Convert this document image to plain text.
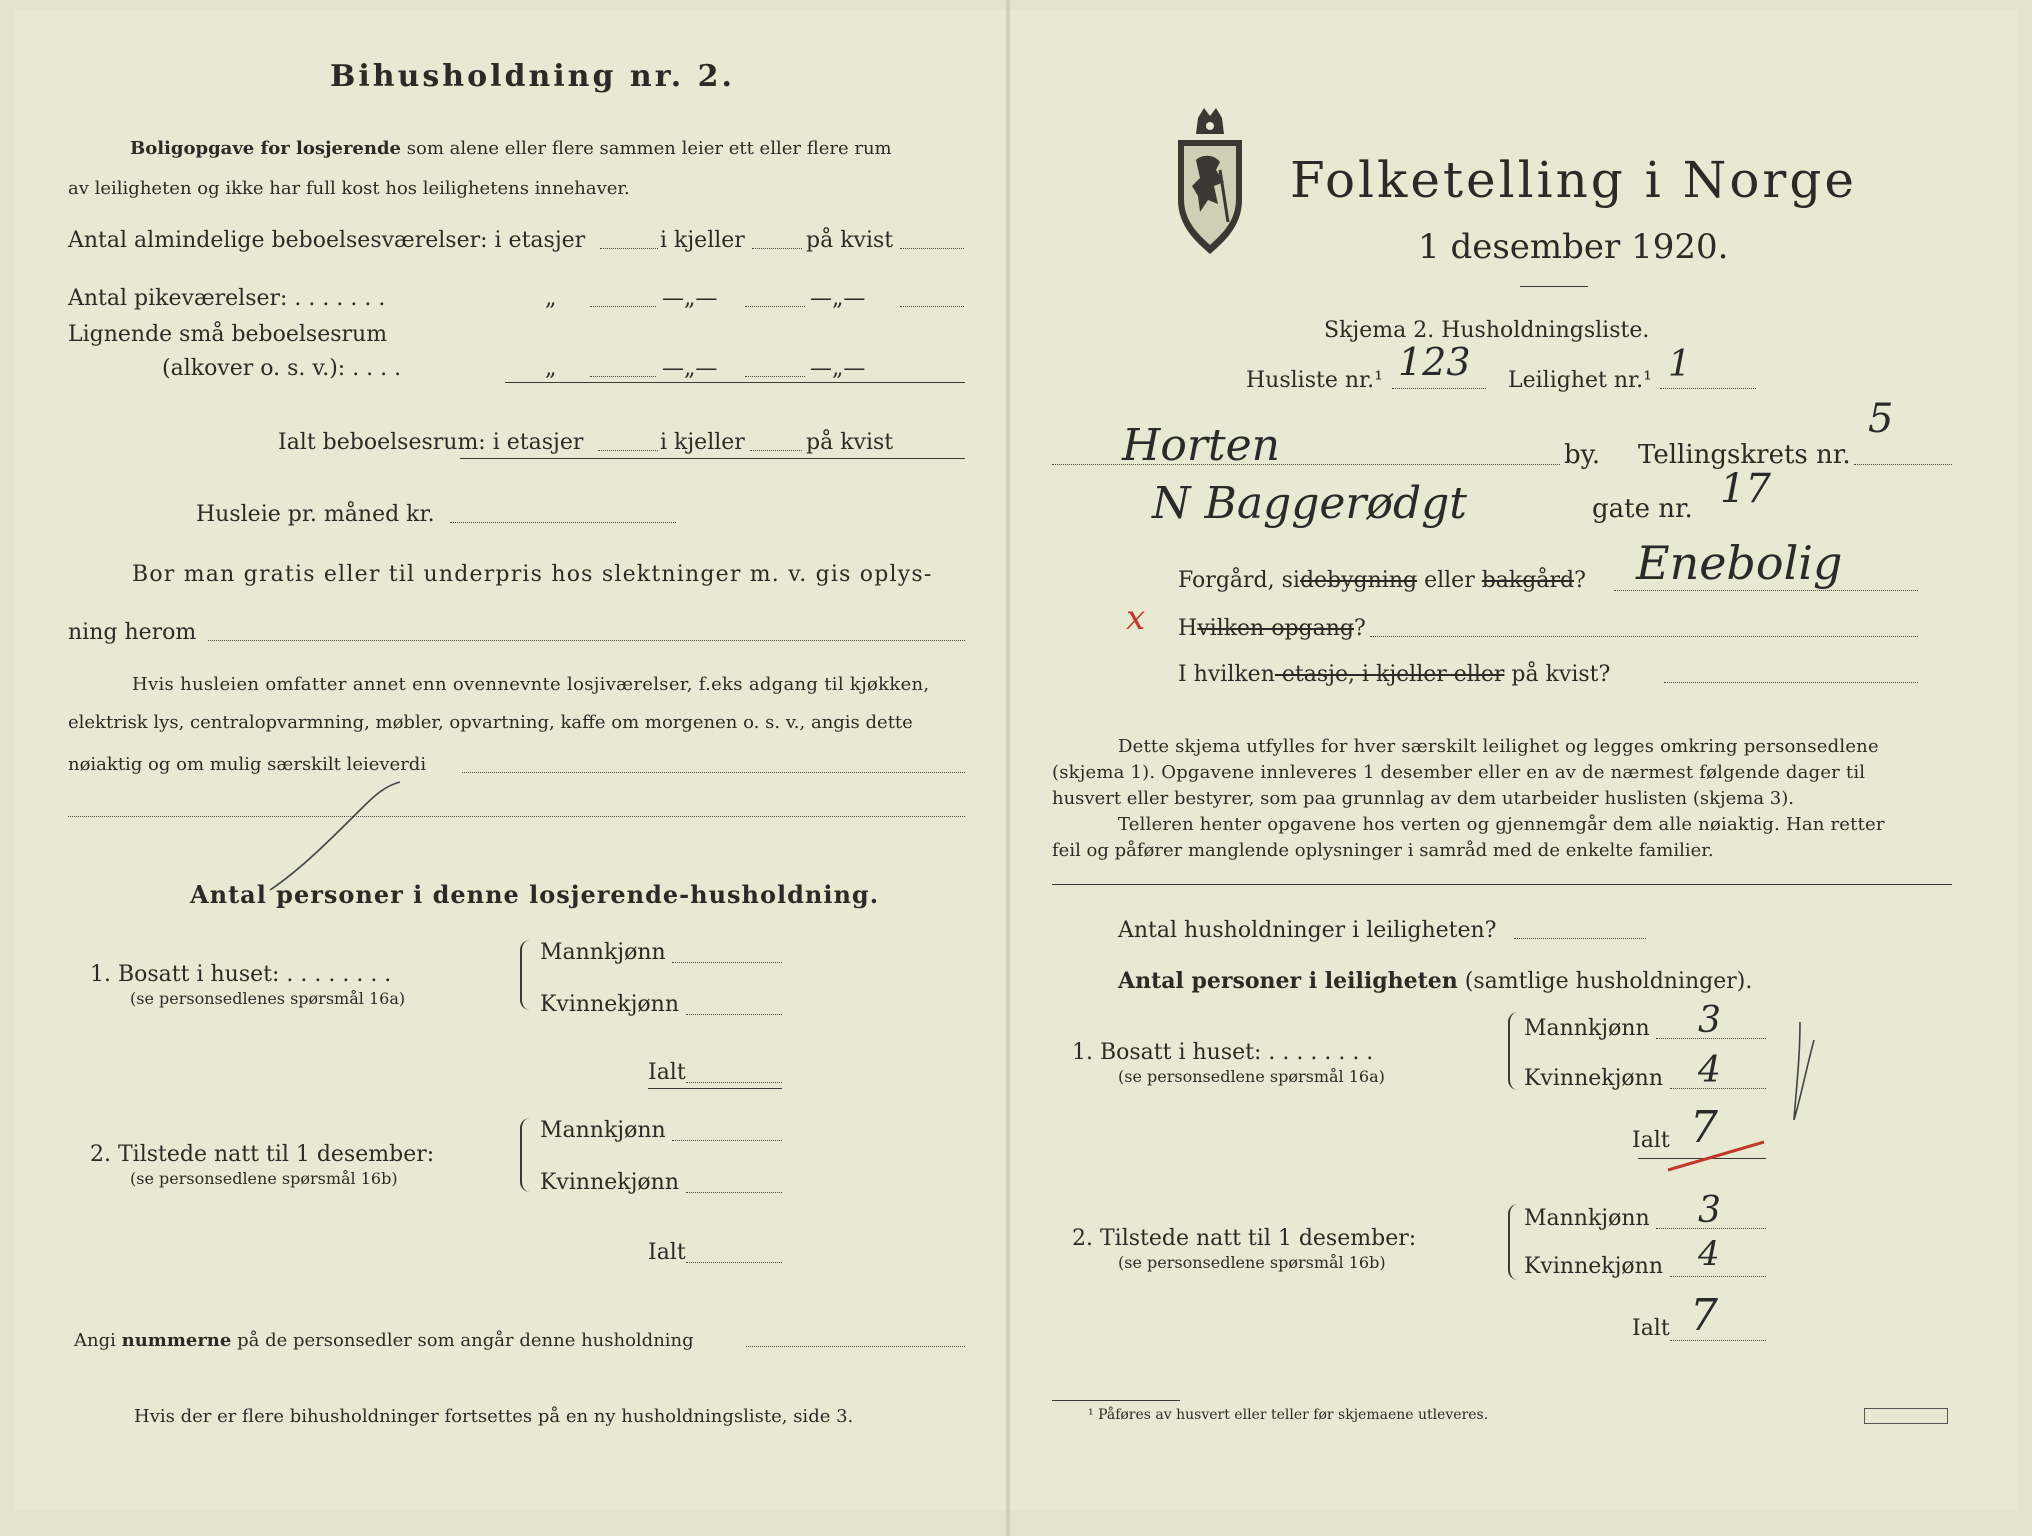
Bihusholdning nr. 2.
Boligopgave for losjerende som alene eller flere sammen leier ett eller flere rum
av leiligheten og ikke har full kost hos leilighetens innehaver.
Antal almindelige beboelsesværelser: i etasjer	i kjeller	på kvist
Antal pikeværelser: . . . . . . .	„	—„—	—„—
Lignende små beboelsesrum
(alkover o. s. v.): . . . .	„	—„—	—„—
Ialt beboelsesrum: i etasjer	i kjeller	på kvist
Husleie pr. måned kr.
Bor man gratis eller til underpris hos slektninger m. v. gis oplys-
ning herom
Hvis husleien omfatter annet enn ovennevnte losjiværelser, f.eks adgang til kjøkken,
elektrisk lys, centralopvarmning, møbler, opvartning, kaffe om morgenen o. s. v., angis dette
nøiaktig og om mulig særskilt leieverdi
Antal personer i denne losjerende-husholdning.
1. Bosatt i huset: . . . . . . . .
(se personsedlenes spørsmål 16a)
Mannkjønn
Kvinnekjønn
Ialt
2. Tilstede natt til 1 desember:
(se personsedlene spørsmål 16b)
Mannkjønn
Kvinnekjønn
Ialt
Angi nummerne på de personsedler som angår denne husholdning
Hvis der er flere bihusholdninger fortsettes på en ny husholdningsliste, side 3.
Folketelling i Norge
1 desember 1920.
Skjema 2. Husholdningsliste.
Husliste nr.¹ 123 Leilighet nr.¹ 1
Horten	by. Tellingskrets nr.
5
N Baggerødgt	gate nr. 17
Forgård, sidebygning eller bakgård? Enebolig
x Hvilken opgang?
I hvilken etasje, i kjeller eller på kvist?
Dette skjema utfylles for hver særskilt leilighet og legges omkring personsedlene
(skjema 1). Opgavene innleveres 1 desember eller en av de nærmest følgende dager til
husvert eller bestyrer, som paa grunnlag av dem utarbeider huslisten (skjema 3).
Telleren henter opgavene hos verten og gjennemgår dem alle nøiaktig. Han retter
feil og påfører manglende oplysninger i samråd med de enkelte familier.
Antal husholdninger i leiligheten?
Antal personer i leiligheten (samtlige husholdninger).
1. Bosatt i huset: . . . . . . . .
(se personsedlene spørsmål 16a)
Mannkjønn 3
Kvinnekjønn 4
Ialt 7
2. Tilstede natt til 1 desember:
(se personsedlene spørsmål 16b)
Mannkjønn 3
Kvinnekjønn 4
Ialt 7
¹ Påføres av husvert eller teller før skjemaene utleveres.
